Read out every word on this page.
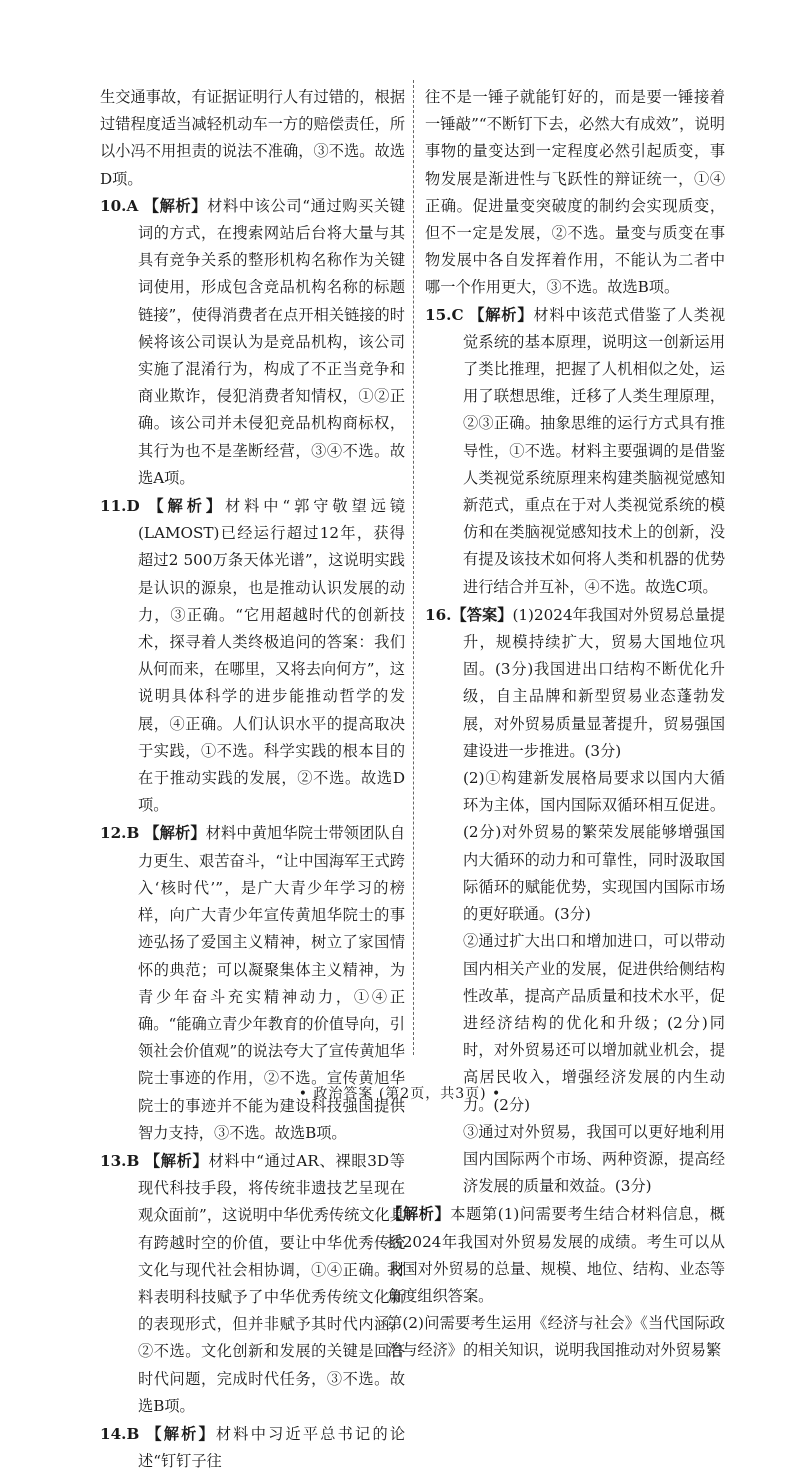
生交通事故，有证据证明行人有过错的，根据过错程度适当减轻机动车一方的赔偿责任，所以小冯不用担责的说法不准确，③不选。故选D项。

10.A 【解析】材料中该公司“通过购买关键词的方式，在搜索网站后台将大量与其具有竞争关系的整形机构名称作为关键词使用，形成包含竞品机构名称的标题链接”，使得消费者在点开相关链接的时候将该公司误认为是竞品机构，该公司实施了混淆行为，构成了不正当竞争和商业欺诈，侵犯消费者知情权，①②正确。该公司并未侵犯竞品机构商标权，其行为也不是垄断经营，③④不选。故选A项。
11.D 【解析】材料中“郭守敬望远镜(LAMOST)已经运行超过12年，获得超过2 500万条天体光谱”，这说明实践是认识的源泉，也是推动认识发展的动力，③正确。“它用超越时代的创新技术，探寻着人类终极追问的答案：我们从何而来，在哪里，又将去向何方”，这说明具体科学的进步能推动哲学的发展，④正确。人们认识水平的提高取决于实践，①不选。科学实践的根本目的在于推动实践的发展，②不选。故选D项。
12.B 【解析】材料中黄旭华院士带领团队自力更生、艰苦奋斗，“让中国海军王式跨入‘核时代’”，是广大青少年学习的榜样，向广大青少年宣传黄旭华院士的事迹弘扬了爱国主义精神，树立了家国情怀的典范；可以凝聚集体主义精神，为青少年奋斗充实精神动力，①④正确。“能确立青少年教育的价值导向，引领社会价值观”的说法夸大了宣传黄旭华院士事迹的作用，②不选。宣传黄旭华院士的事迹并不能为建设科技强国提供智力支持，③不选。故选B项。
13.B 【解析】材料中“通过AR、裸眼3D等现代科技手段，将传统非遗技艺呈现在观众面前”，这说明中华优秀传统文化具有跨越时空的价值，要让中华优秀传统文化与现代社会相协调，①④正确。材料表明科技赋予了中华优秀传统文化新的表现形式，但并非赋予其时代内涵，②不选。文化创新和发展的关键是回答时代问题，完成时代任务，③不选。故选B项。
14.B 【解析】材料中习近平总书记的论述“钉钉子往

往不是一锤子就能钉好的，而是要一锤接着一锤敲”“不断钉下去，必然大有成效”，说明事物的量变达到一定程度必然引起质变，事物发展是渐进性与飞跃性的辩证统一，①④正确。促进量变突破度的制约会实现质变，但不一定是发展，②不选。量变与质变在事物发展中各自发挥着作用，不能认为二者中哪一个作用更大，③不选。故选B项。

15.C 【解析】材料中该范式借鉴了人类视觉系统的基本原理，说明这一创新运用了类比推理，把握了人机相似之处，运用了联想思维，迁移了人类生理原理，②③正确。抽象思维的运行方式具有推导性，①不选。材料主要强调的是借鉴人类视觉系统原理来构建类脑视觉感知新范式，重点在于对人类视觉系统的模仿和在类脑视觉感知技术上的创新，没有提及该技术如何将人类和机器的优势进行结合并互补，④不选。故选C项。
16.【答案】(1)2024年我国对外贸易总量提升，规模持续扩大，贸易大国地位巩固。(3分)我国进出口结构不断优化升级，自主品牌和新型贸易业态蓬勃发展，对外贸易质量显著提升，贸易强国建设进一步推进。(3分)
(2)①构建新发展格局要求以国内大循环为主体，国内国际双循环相互促进。(2分)对外贸易的繁荣发展能够增强国内大循环的动力和可靠性，同时汲取国际循环的赋能优势，实现国内国际市场的更好联通。(3分)
②通过扩大出口和增加进口，可以带动国内相关产业的发展，促进供给侧结构性改革，提高产品质量和技术水平，促进经济结构的优化和升级；(2分)同时，对外贸易还可以增加就业机会，提高居民收入，增强经济发展的内生动力。(2分)
③通过对外贸易，我国可以更好地利用国内国际两个市场、两种资源，提高经济发展的质量和效益。(3分)

【解析】本题第(1)问需要考生结合材料信息，概括2024年我国对外贸易发展的成绩。考生可以从我国对外贸易的总量、规模、地位、结构、业态等角度组织答案。

第(2)问需要考生运用《经济与社会》《当代国际政治与经济》的相关知识，说明我国推动对外贸易繁

• 政治答案 (第2页，共3页) •
